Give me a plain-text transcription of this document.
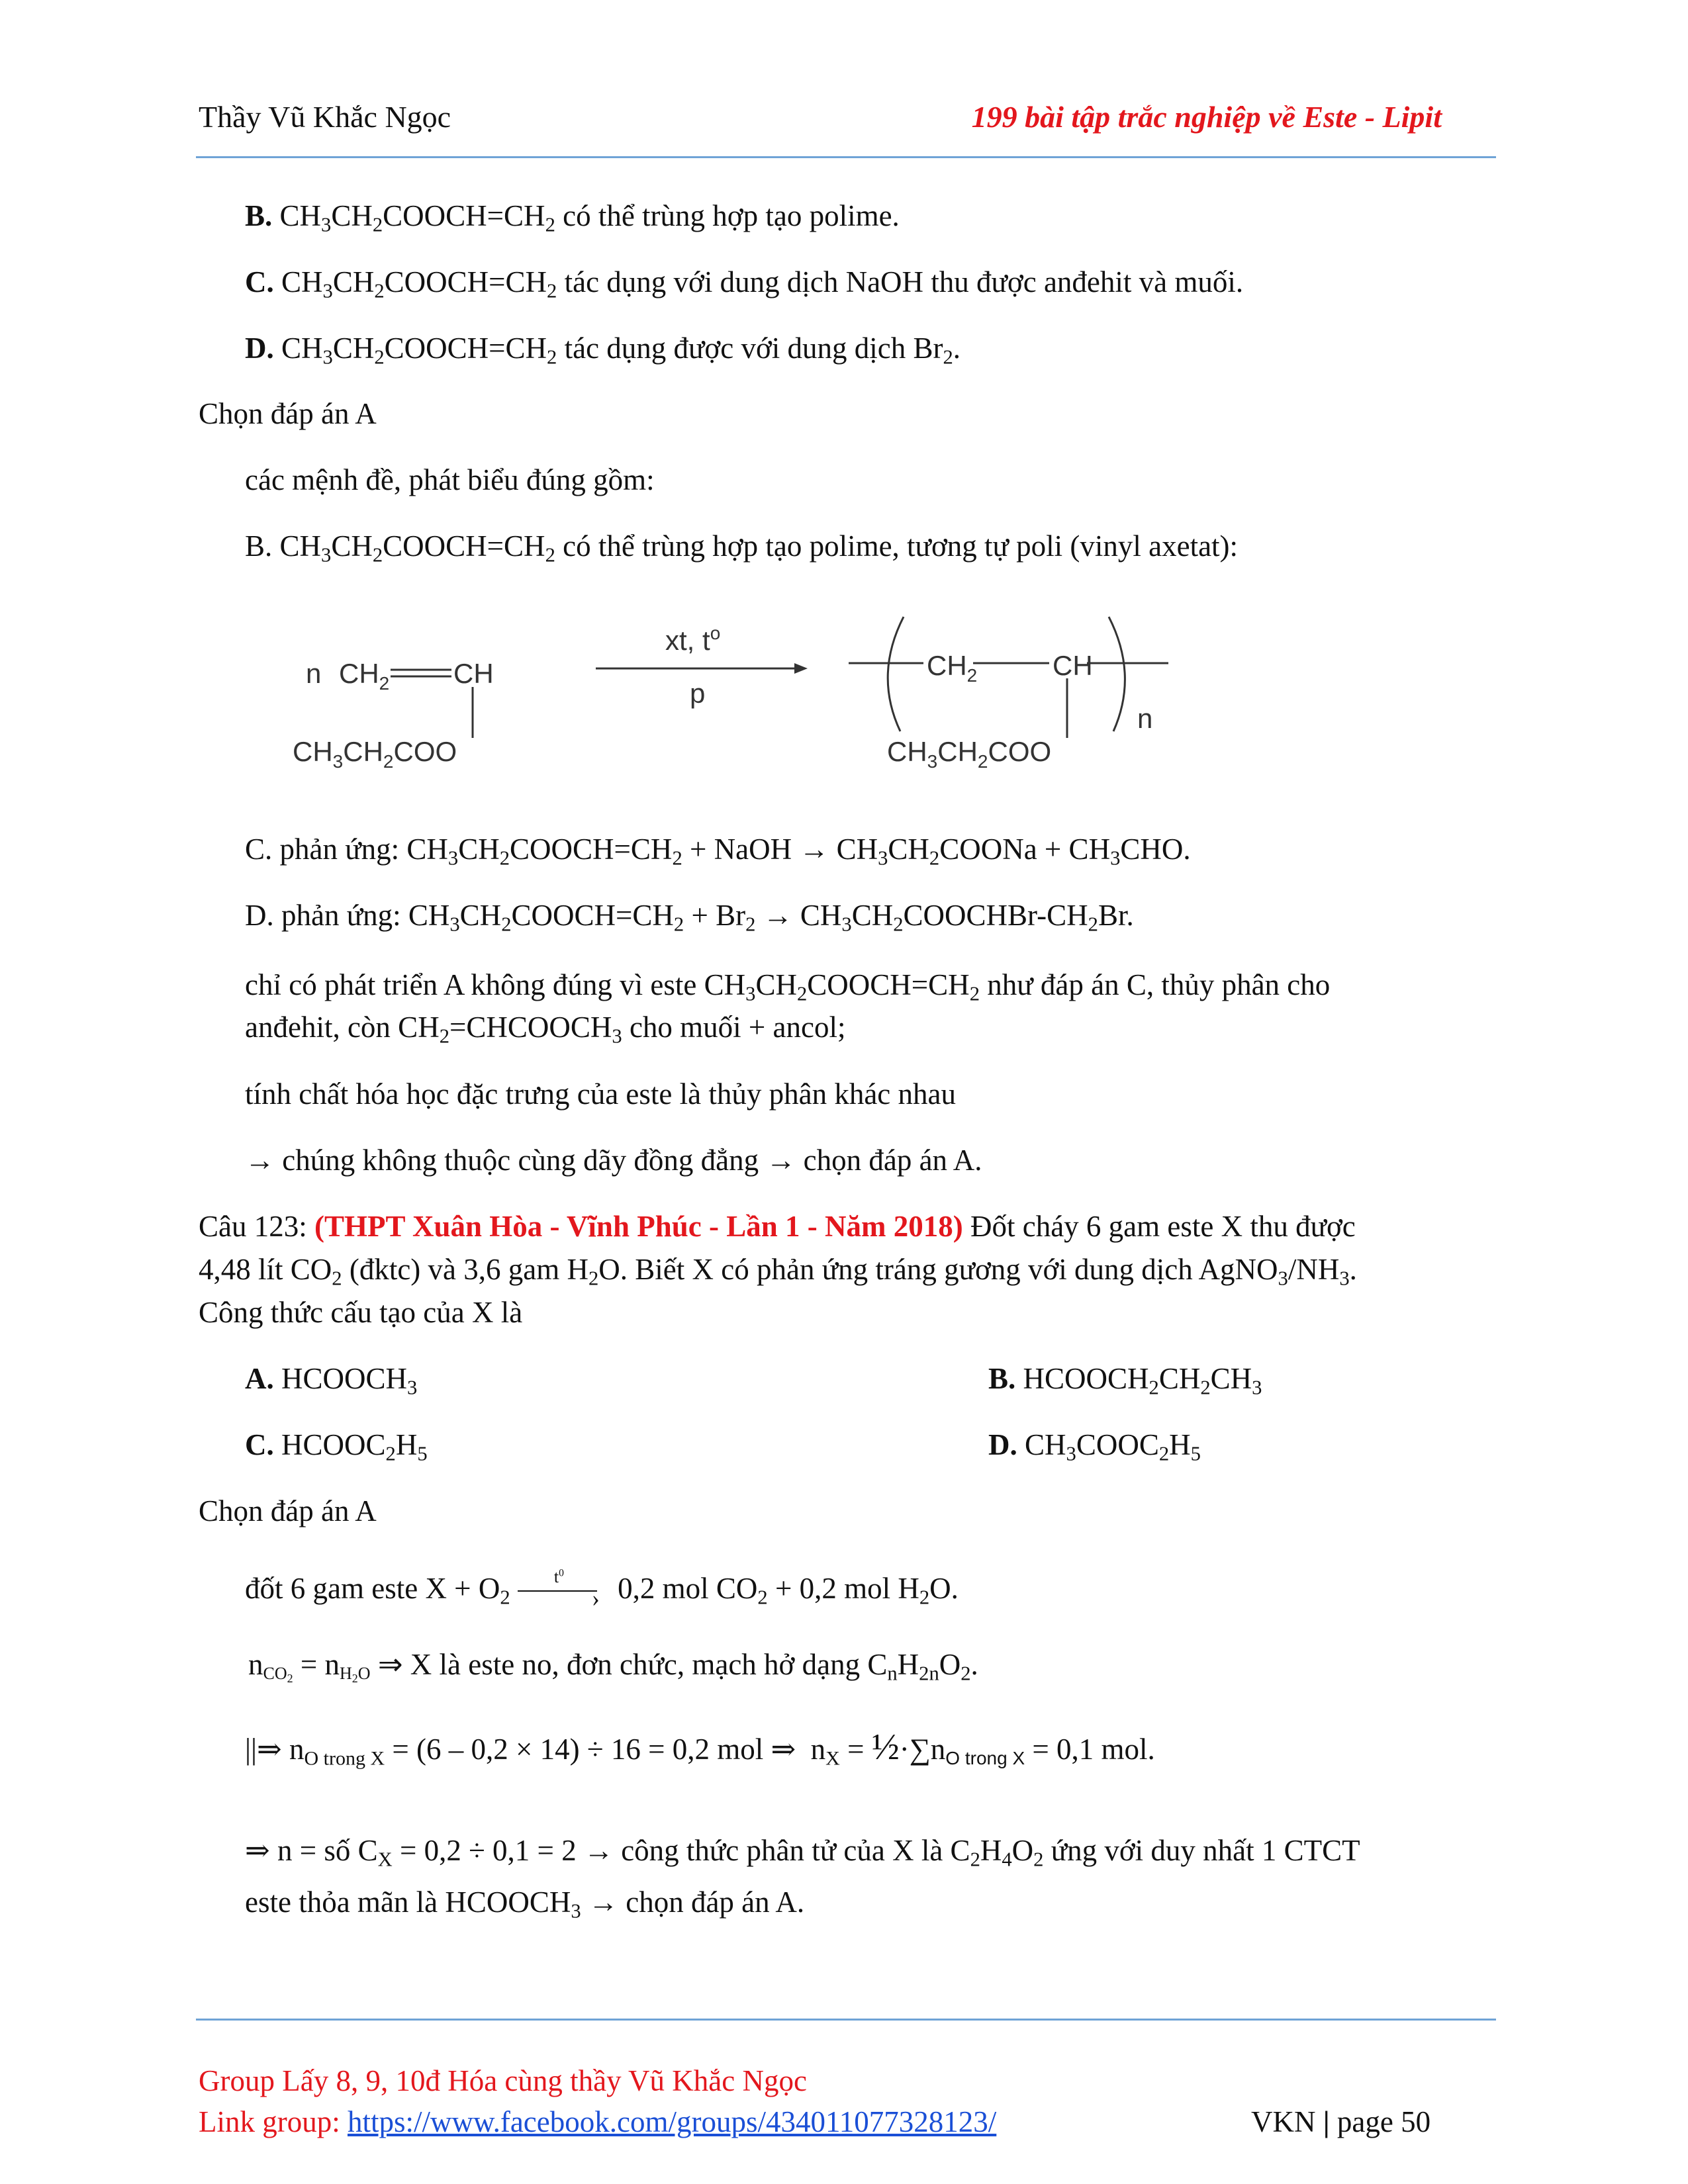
Thầy Vũ Khắc Ngọc	199 bài tập trắc nghiệp về Este - Lipit
B. $CH_3CH_2COOCH=CH_2$ có thể trùng hợp tạo polime.
C. $CH_3CH_2COOCH=CH_2$ tác dụng với dung dịch NaOH thu được anđehit và muối.
D. $CH_3CH_2COOCH=CH_2$ tác dụng được với dung dịch $Br_2$.
Chọn đáp án A
các mệnh đề, phát biểu đúng gồm:
B. $CH_3CH_2COOCH=CH_2$ có thể trùng hợp tạo polime, tương tự poli (vinyl axetat):
n $CH_2$ CH
$CH_3CH_2COO$
xt, $t^o$
p
$CH_2$	CH
$CH_3CH_2COO$
n
C. phản ứng: $CH_3CH_2COOCH=CH_2$ + NaOH → $CH_3CH_2COONa + CH_3CHO$.
D. phản ứng: $CH_3CH_2COOCH=CH_2 + Br_2$ → $CH_3CH_2COOCHBr-CH_2Br$.
chỉ có phát triển A không đúng vì este $CH_3CH_2COOCH=CH_2$ như đáp án C, thủy phân cho
anđehit, còn $CH_2=CHCOOCH_3$ cho muối + ancol;
tính chất hóa học đặc trưng của este là thủy phân khác nhau
→ chúng không thuộc cùng dãy đồng đẳng → chọn đáp án A.
Câu 123: (THPT Xuân Hòa - Vĩnh Phúc - Lần 1 - Năm 2018) Đốt cháy 6 gam este X thu được
4,48 lít $CO_2$ (đktc) và 3,6 gam $H_2O$. Biết X có phản ứng tráng gương với dung dịch $AgNO_3/NH_3$.
Công thức cấu tạo của X là
A. $HCOOCH_3$	B. $HCOOCH_2CH_2CH_3$
C. $HCOOC_2H_5$	D. $CH_3COOC_2H_5$
Chọn đáp án A
đốt 6 gam este $X + O_2$
$t^0$
› 0,2 mol $CO_2 + 0,2$ mol $H_2O$.
$n_{CO_2} = n_{H_2O}$ ⇒ X là este no, đơn chức, mạch hở dạng $C_nH_{2n}O_2$.
||⇒ $n_{O trong X} = (6 - 0,2 \times 14) \div 16 = 0,2$ mol ⇒  $n_X$ = $\frac{1}{2}\cdot\sum n_{O trong X} = 0,1$ mol.
⇒ n = số $C_X = 0,2 \div 0,1 = 2$ → công thức phân tử của X là $C_2H_4O_2$ ứng với duy nhất 1 CTCT
este thỏa mãn là $HCOOCH_3$ → chọn đáp án A.
Group Lấy 8, 9, 10đ Hóa cùng thầy Vũ Khắc Ngọc
Link group: https://www.facebook.com/groups/434011077328123/	VKN | page 50
